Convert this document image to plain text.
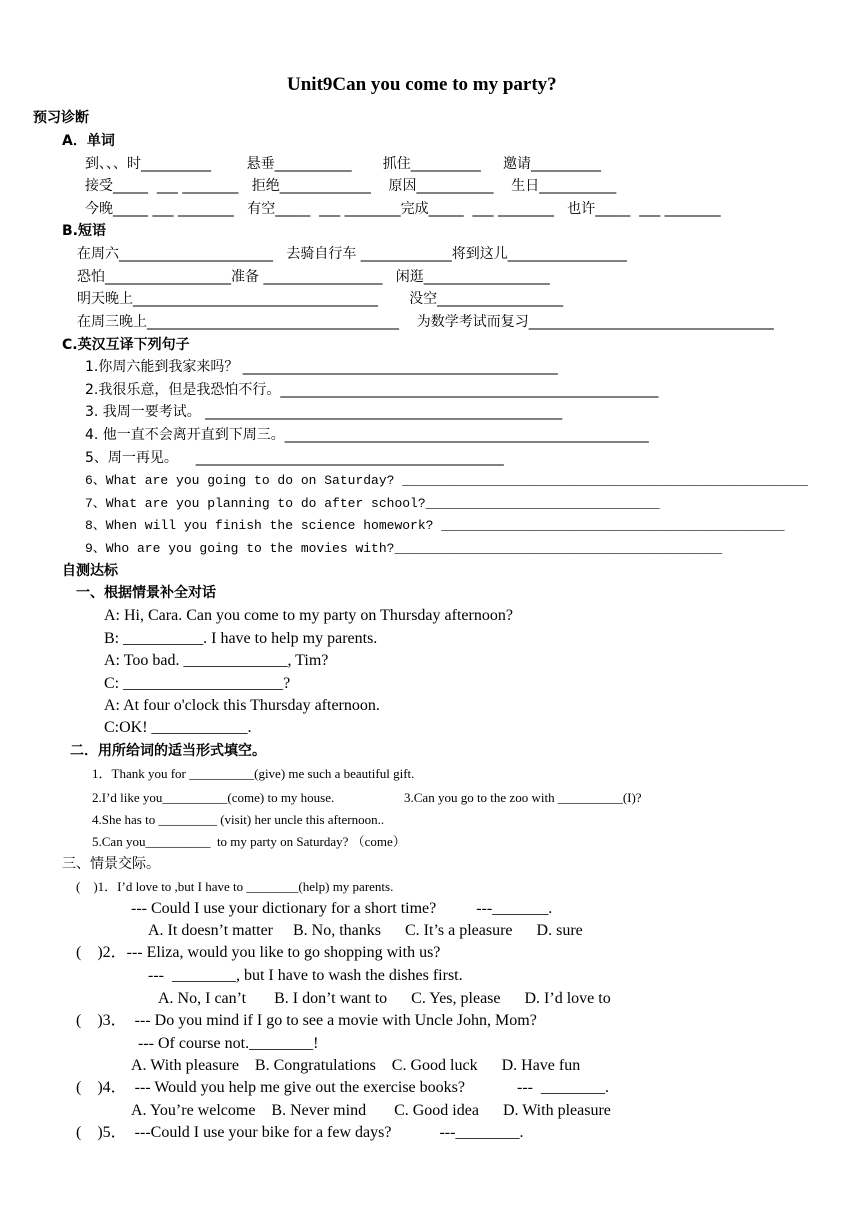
Unit9Can you come to my party?
预习诊断
A．单词
到、、、时__________        悬垂___________       抓住__________     邀请__________
接受_____  ___ ________   拒绝_____________    原因___________    生日___________
今晚_____ ___ ________   有空_____  ___ ________完成_____  ___ ________   也许_____  ___ ________
B.短语
在周六______________________   去骑自行车 _____________将到这儿_________________
恐怕__________________准备 _________________   闲逛__________________
明天晚上___________________________________       没空__________________
在周三晚上____________________________________    为数学考试而复习___________________________________
C.英汉互译下列句子
1.你周六能到我家来吗？ _____________________________________________
2.我很乐意，但是我恐怕不行。______________________________________________________
3. 我周一要考试。 ___________________________________________________
4. 他一直不会离开直到下周三。____________________________________________________
5、周一再见。    ____________________________________________
6、What are you going to do on Saturday? ____________________________________________________
7、What are you planning to do after school?______________________________
8、When will you finish the science homework? ____________________________________________
9、Who are you going to the movies with?__________________________________________
自测达标
一、根据情景补全对话
A: Hi, Cara. Can you come to my party on Thursday afternoon?
B: __________. I have to help my parents.
A: Too bad. _____________, Tim?
C: ____________________?
A: At four o'clock this Thursday afternoon.
C:OK! ____________.
二．用所给词的适当形式填空。
1．Thank you for __________(give) me such a beautiful gift.
2.I’d like you__________(come) to my house.	3.Can you go to the zoo with __________(I)?
4.She has to _________ (visit) her uncle this afternoon..
5.Can you__________  to my party on Saturday? （come）
三、情景交际。
(    )1．I’d love to ,but I have to ________(help) my parents.
--- Could I use your dictionary for a short time?          ---_______.
A. It doesn’t matter     B. No, thanks      C. It’s a pleasure      D. sure
(    )2．--- Eliza, would you like to go shopping with us?
---  ________, but I have to wash the dishes first.
A. No, I can’t       B. I don’t want to      C. Yes, please      D. I’d love to
(    )3．  --- Do you mind if I go to see a movie with Uncle John, Mom?
--- Of course not.________!
A. With pleasure    B. Congratulations    C. Good luck      D. Have fun
(    )4．  --- Would you help me give out the exercise books?             ---  ________.
A. You’re welcome    B. Never mind       C. Good idea      D. With pleasure
(    )5．  ---Could I use your bike for a few days?            ---________.
